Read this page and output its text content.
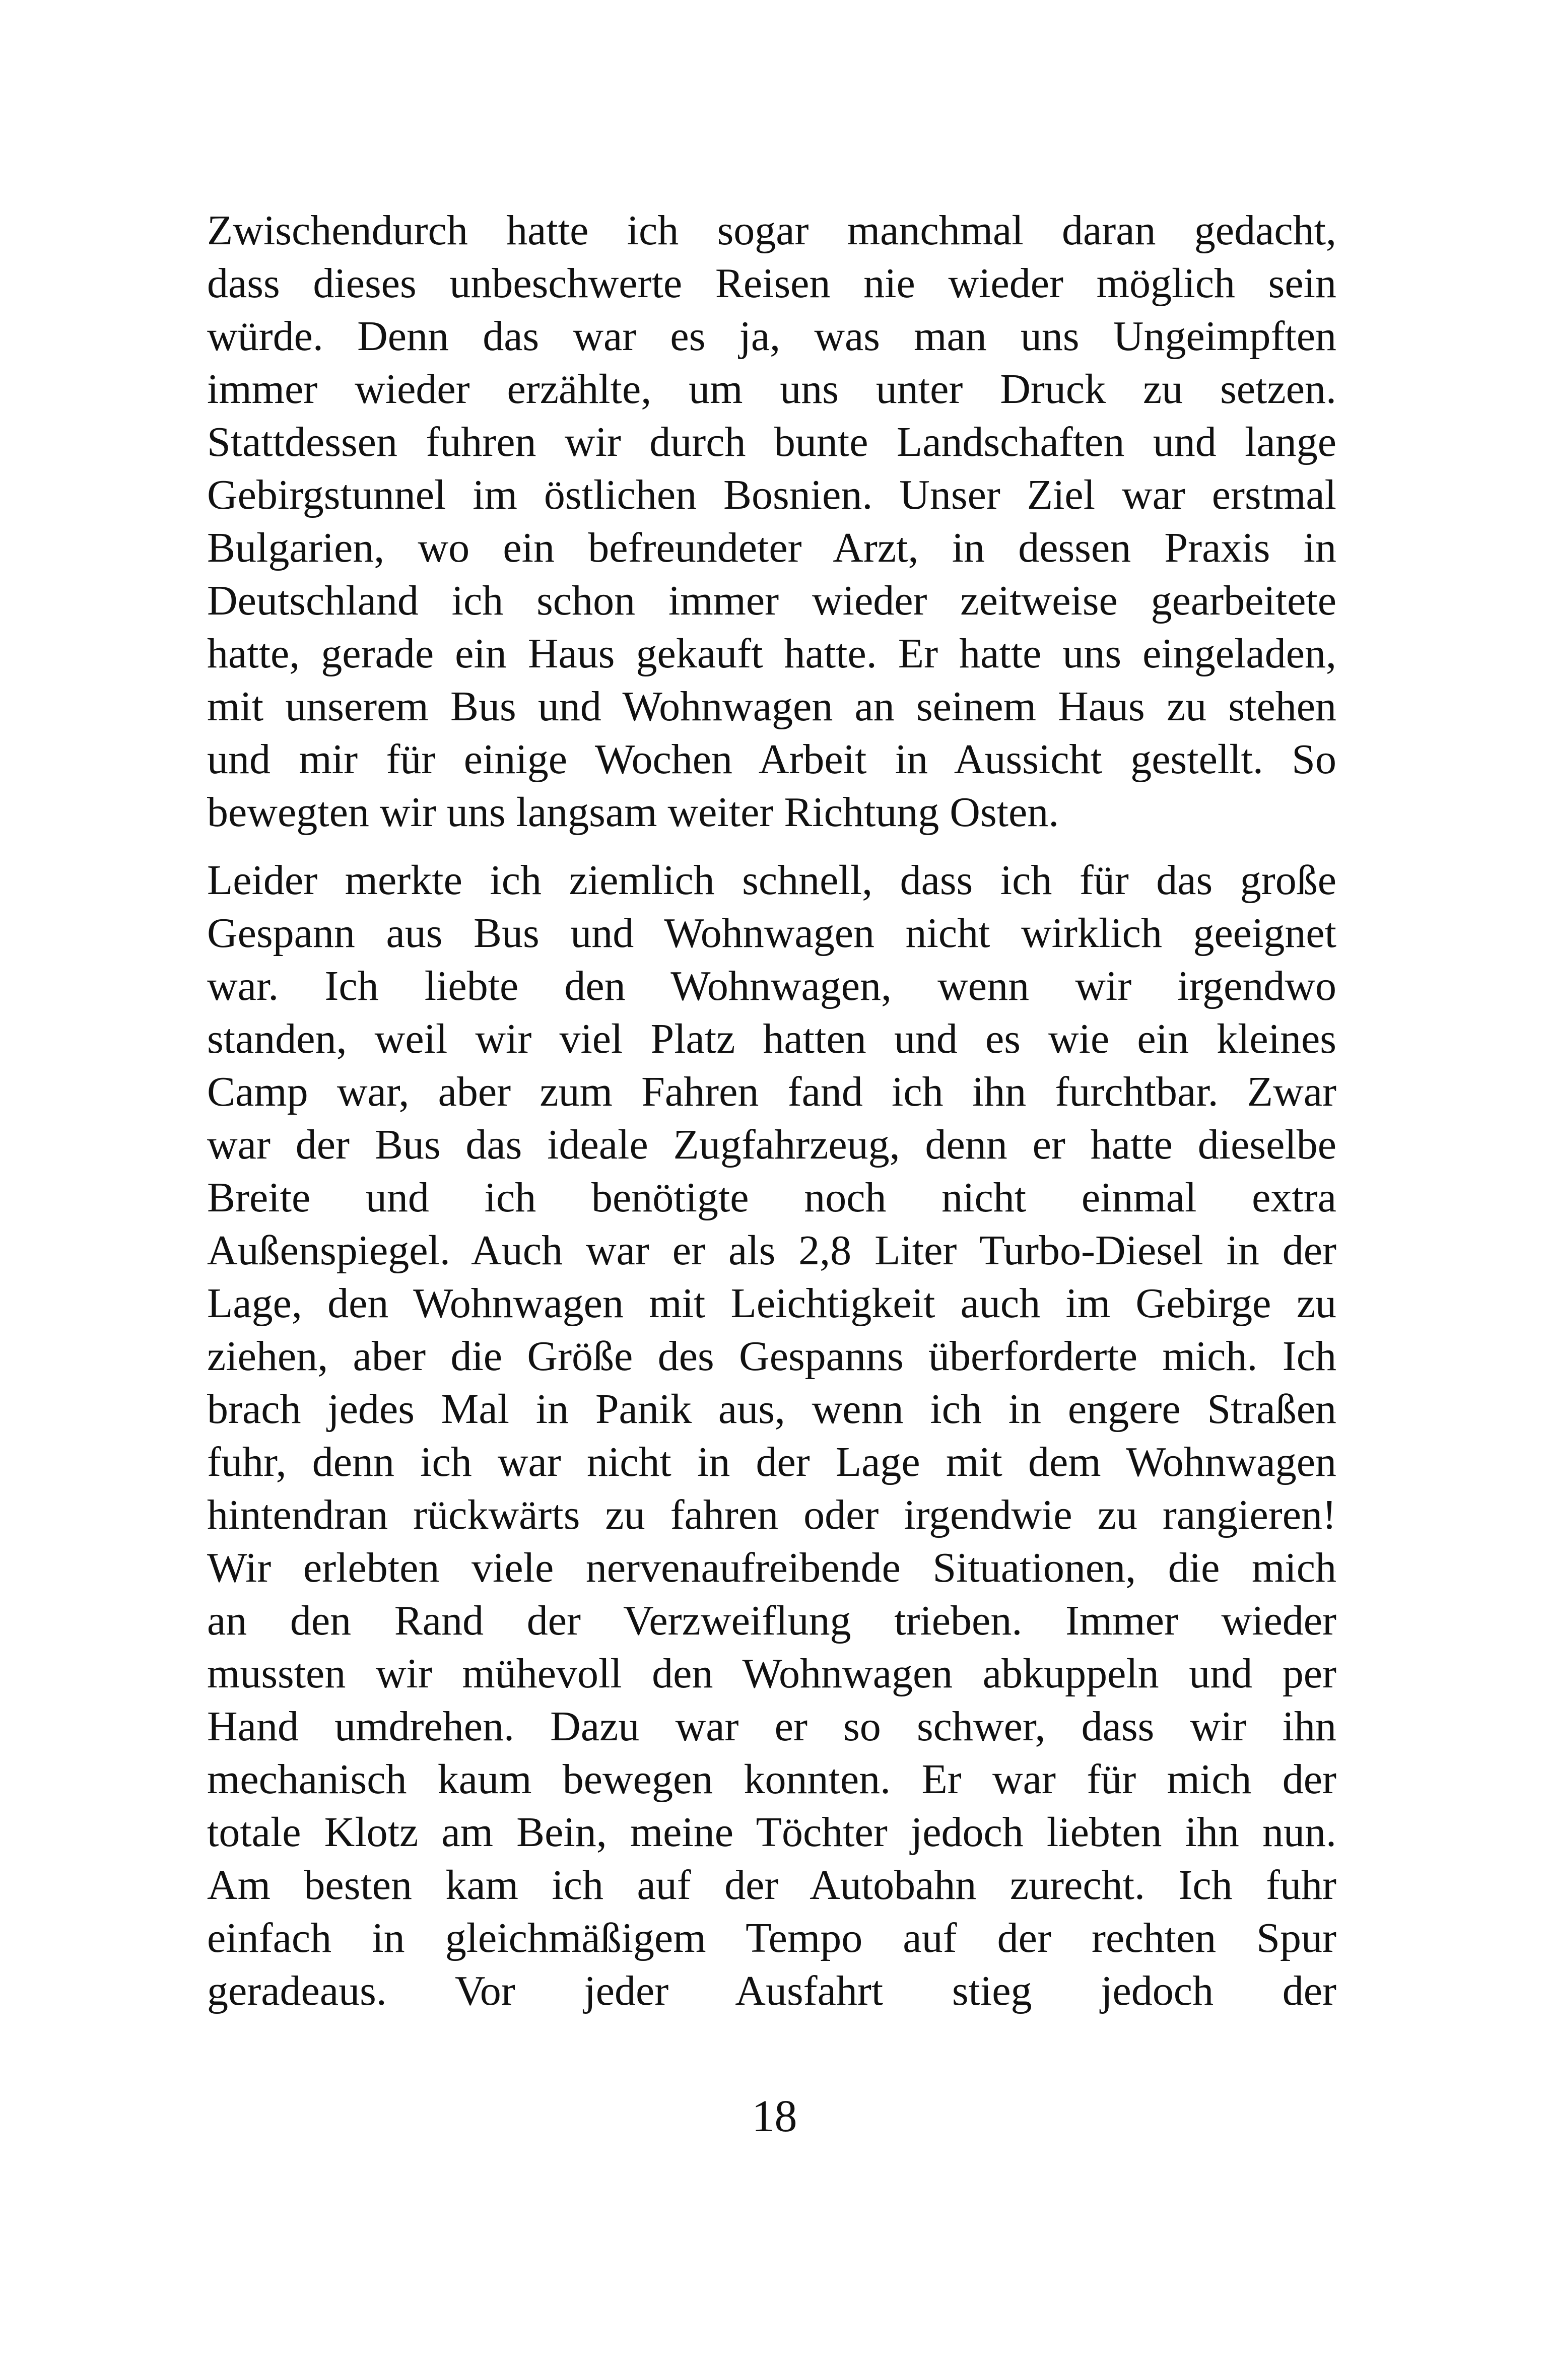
Zwischendurch hatte ich sogar manchmal daran gedacht,
dass dieses unbeschwerte Reisen nie wieder möglich sein
würde. Denn das war es ja, was man uns Ungeimpften
immer wieder erzählte, um uns unter Druck zu setzen.
Stattdessen fuhren wir durch bunte Landschaften und lange
Gebirgstunnel im östlichen Bosnien. Unser Ziel war erstmal
Bulgarien, wo ein befreundeter Arzt, in dessen Praxis in
Deutschland ich schon immer wieder zeitweise gearbeitete
hatte, gerade ein Haus gekauft hatte. Er hatte uns eingeladen,
mit unserem Bus und Wohnwagen an seinem Haus zu stehen
und mir für einige Wochen Arbeit in Aussicht gestellt. So
bewegten wir uns langsam weiter Richtung Osten.
Leider merkte ich ziemlich schnell, dass ich für das große
Gespann aus Bus und Wohnwagen nicht wirklich geeignet
war. Ich liebte den Wohnwagen, wenn wir irgendwo
standen, weil wir viel Platz hatten und es wie ein kleines
Camp war, aber zum Fahren fand ich ihn furchtbar. Zwar
war der Bus das ideale Zugfahrzeug, denn er hatte dieselbe
Breite und ich benötigte noch nicht einmal extra
Außenspiegel. Auch war er als 2,8 Liter Turbo-Diesel in der
Lage, den Wohnwagen mit Leichtigkeit auch im Gebirge zu
ziehen, aber die Größe des Gespanns überforderte mich. Ich
brach jedes Mal in Panik aus, wenn ich in engere Straßen
fuhr, denn ich war nicht in der Lage mit dem Wohnwagen
hintendran rückwärts zu fahren oder irgendwie zu rangieren!
Wir erlebten viele nervenaufreibende Situationen, die mich
an den Rand der Verzweiflung trieben. Immer wieder
mussten wir mühevoll den Wohnwagen abkuppeln und per
Hand umdrehen. Dazu war er so schwer, dass wir ihn
mechanisch kaum bewegen konnten. Er war für mich der
totale Klotz am Bein, meine Töchter jedoch liebten ihn nun.
Am besten kam ich auf der Autobahn zurecht. Ich fuhr
einfach in gleichmäßigem Tempo auf der rechten Spur
geradeaus. Vor jeder Ausfahrt stieg jedoch der
18
